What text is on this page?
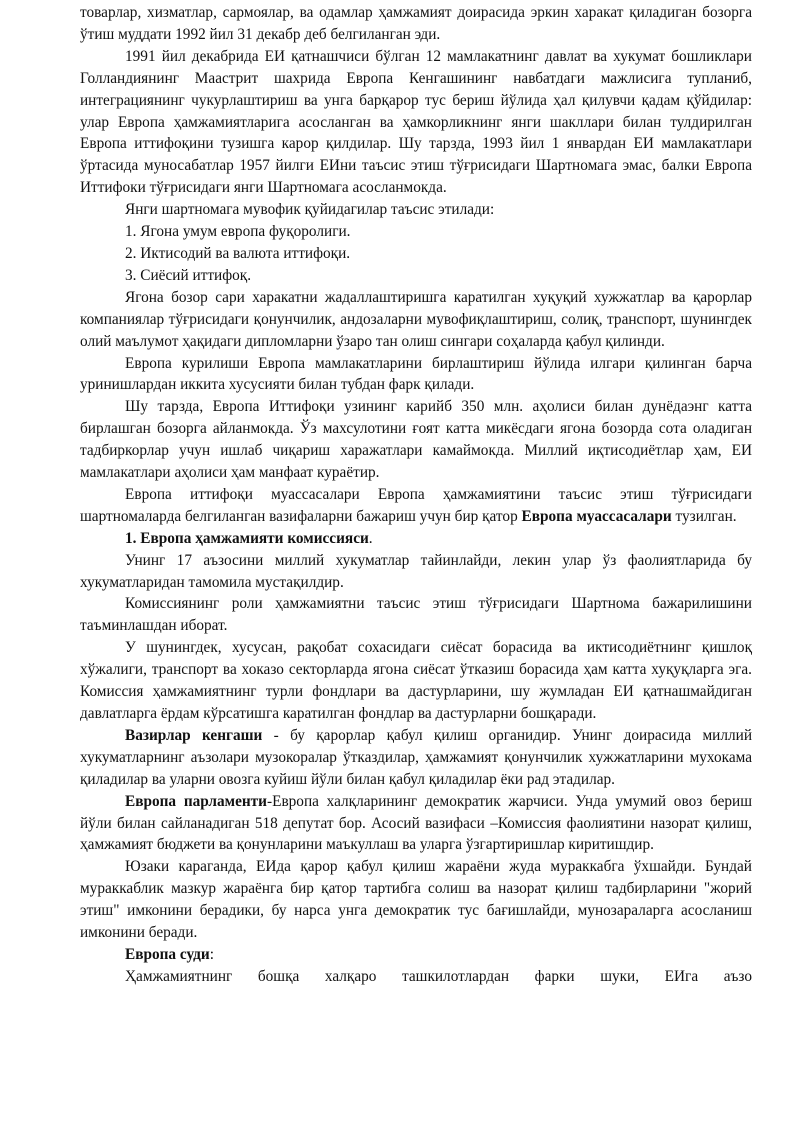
товарлар, хизматлар, сармоялар, ва одамлар ҳамжамият доирасида эркин харакат қиладиган бозорга ўтиш муддати 1992 йил 31 декабр деб белгиланган эди.

1991 йил декабрида ЕИ қатнашчиси бўлган 12 мамлакатнинг давлат ва хукумат бошликлари Голландиянинг Маастрит шахрида Европа Кенгашининг навбатдаги мажлисига тупланиб, интеграциянинг чукурлаштириш ва унга барқарор тус бериш йўлида ҳал қилувчи қадам қўйдилар: улар Европа ҳамжамиятларига асосланган ва ҳамкорликнинг янги шакллари билан тулдирилган Европа иттифоқини тузишга карор қилдилар. Шу тарзда, 1993 йил 1 январдан ЕИ мамлакатлари ўртасида муносабатлар 1957 йилги ЕИни таъсис этиш тўғрисидаги Шартномага эмас, балки Европа Иттифоки тўғрисидаги янги Шартномага асосланмокда.

Янги шартномага мувофик қуйидагилар таъсис этилади:

1. Ягона умум европа фуқоролиги.

2. Иктисодий ва валюта иттифоқи.

3. Сиёсий иттифоқ.

Ягона бозор сари харакатни жадаллаштиришга каратилган хуқуқий хужжатлар ва қарорлар компаниялар тўғрисидаги қонунчилик, андозаларни мувофиқлаштириш, солиқ, транспорт, шунингдек олий маълумот ҳақидаги дипломларни ўзаро тан олиш сингари соҳаларда қабул қилинди.

Европа курилиши Европа мамлакатларини бирлаштириш йўлида илгари қилинган барча уринишлардан иккита хусусияти билан тубдан фарк қилади.

Шу тарзда, Европа Иттифоқи узининг карийб 350 млн. аҳолиси билан дунёдаэнг катта бирлашган бозорга айланмокда. Ўз махсулотини ғоят катта микёсдаги ягона бозорда сота оладиган тадбиркорлар учун ишлаб чиқариш харажатлари камаймокда. Миллий иқтисодиётлар ҳам, ЕИ мамлакатлари аҳолиси ҳам манфаат кураётир.

Европа иттифоқи муассасалари Европа ҳамжамиятини таъсис этиш тўғрисидаги шартномаларда белгиланган вазифаларни бажариш учун бир қатор Европа муассасалари тузилган.

1. Европа ҳамжамияти комиссияси.

Унинг 17 аъзосини миллий хукуматлар тайинлайди, лекин улар ўз фаолиятларида бу хукуматларидан тамомила мустақилдир.

Комиссиянинг роли ҳамжамиятни таъсис этиш тўғрисидаги Шартнома бажарилишини таъминлашдан иборат.

У шунингдек, хусусан, рақобат сохасидаги сиёсат борасида ва иктисодиётнинг қишлоқ хўжалиги, транспорт ва хоказо секторларда ягона сиёсат ўтказиш борасида ҳам катта хуқуқларга эга. Комиссия ҳамжамиятнинг турли фондлари ва дастурларини, шу жумладан ЕИ қатнашмайдиган давлатларга ёрдам кўрсатишга каратилган фондлар ва дастурларни бошқаради.

Вазирлар кенгаши - бу қарорлар қабул қилиш органидир. Унинг доирасида миллий хукуматларнинг аъзолари музокоралар ўтказдилар, ҳамжамият қонунчилик хужжатларини мухокама қиладилар ва уларни овозга куйиш йўли билан қабул қиладилар ёки рад этадилар.

Европа парламенти-Европа халқларининг демократик жарчиси. Унда умумий овоз бериш йўли билан сайланадиган 518 депутат бор. Асосий вазифаси –Комиссия фаолиятини назорат қилиш, ҳамжамият бюджети ва қонунларини маъкуллаш ва уларга ўзгартиришлар киритишдир.

Юзаки караганда, ЕИда қарор қабул қилиш жараёни жуда мураккабга ўхшайди. Бундай мураккаблик мазкур жараёнга бир қатор тартибга солиш ва назорат қилиш тадбирларини "жорий этиш" имконини берадики, бу нарса унга демократик тус бағишлайди, мунозараларга асосланиш имконини беради.

Европа суди:

Ҳамжамиятнинг бошқа халқаро ташкилотлардан фарки шуки, ЕИга аъзо
